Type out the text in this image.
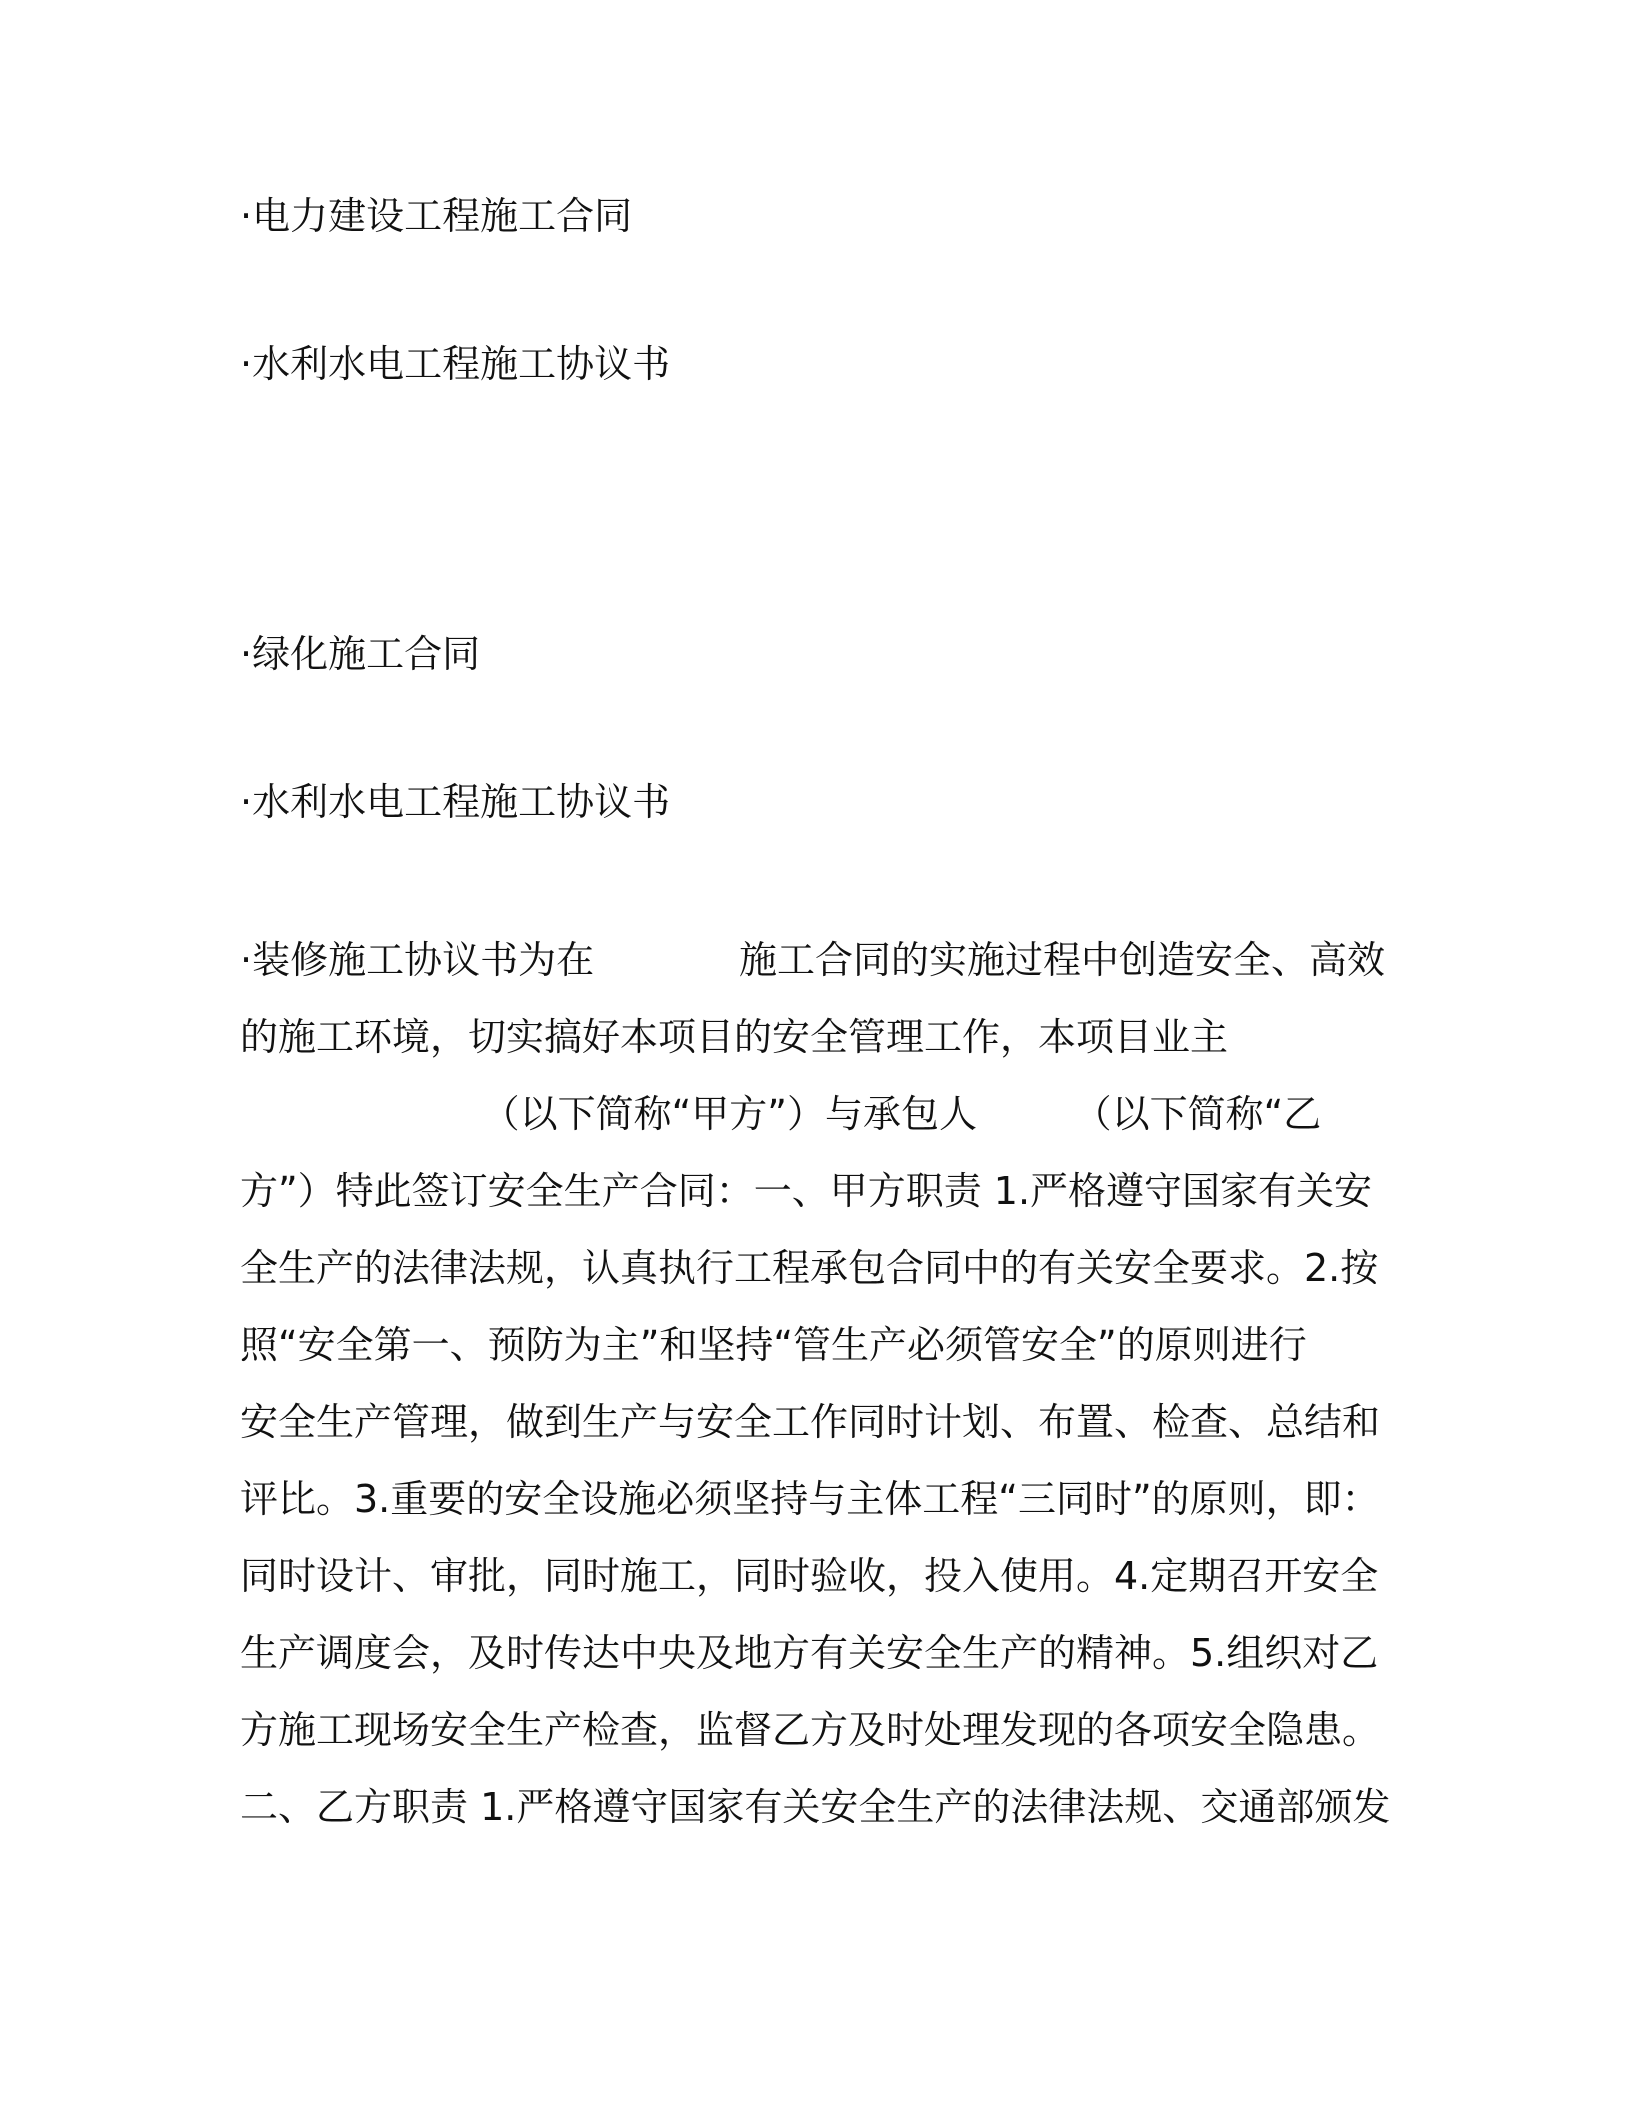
·电力建设工程施工合同

·水利水电工程施工协议书

·绿化施工合同

·水利水电工程施工协议书

·装修施工协议书为在            施工合同的实施过程中创造安全、高效

的施工环境，切实搞好本项目的安全管理工作，本项目业主

（以下简称“甲方”）与承包人        （以下简称“乙

方”）特此签订安全生产合同：一、甲方职责 1.严格遵守国家有关安

全生产的法律法规，认真执行工程承包合同中的有关安全要求。2.按

照“安全第一、预防为主”和坚持“管生产必须管安全”的原则进行

安全生产管理，做到生产与安全工作同时计划、布置、检查、总结和

评比。3.重要的安全设施必须坚持与主体工程“三同时”的原则，即：

同时设计、审批，同时施工，同时验收，投入使用。4.定期召开安全

生产调度会，及时传达中央及地方有关安全生产的精神。5.组织对乙

方施工现场安全生产检查，监督乙方及时处理发现的各项安全隐患。

二、乙方职责 1.严格遵守国家有关安全生产的法律法规、交通部颁发
